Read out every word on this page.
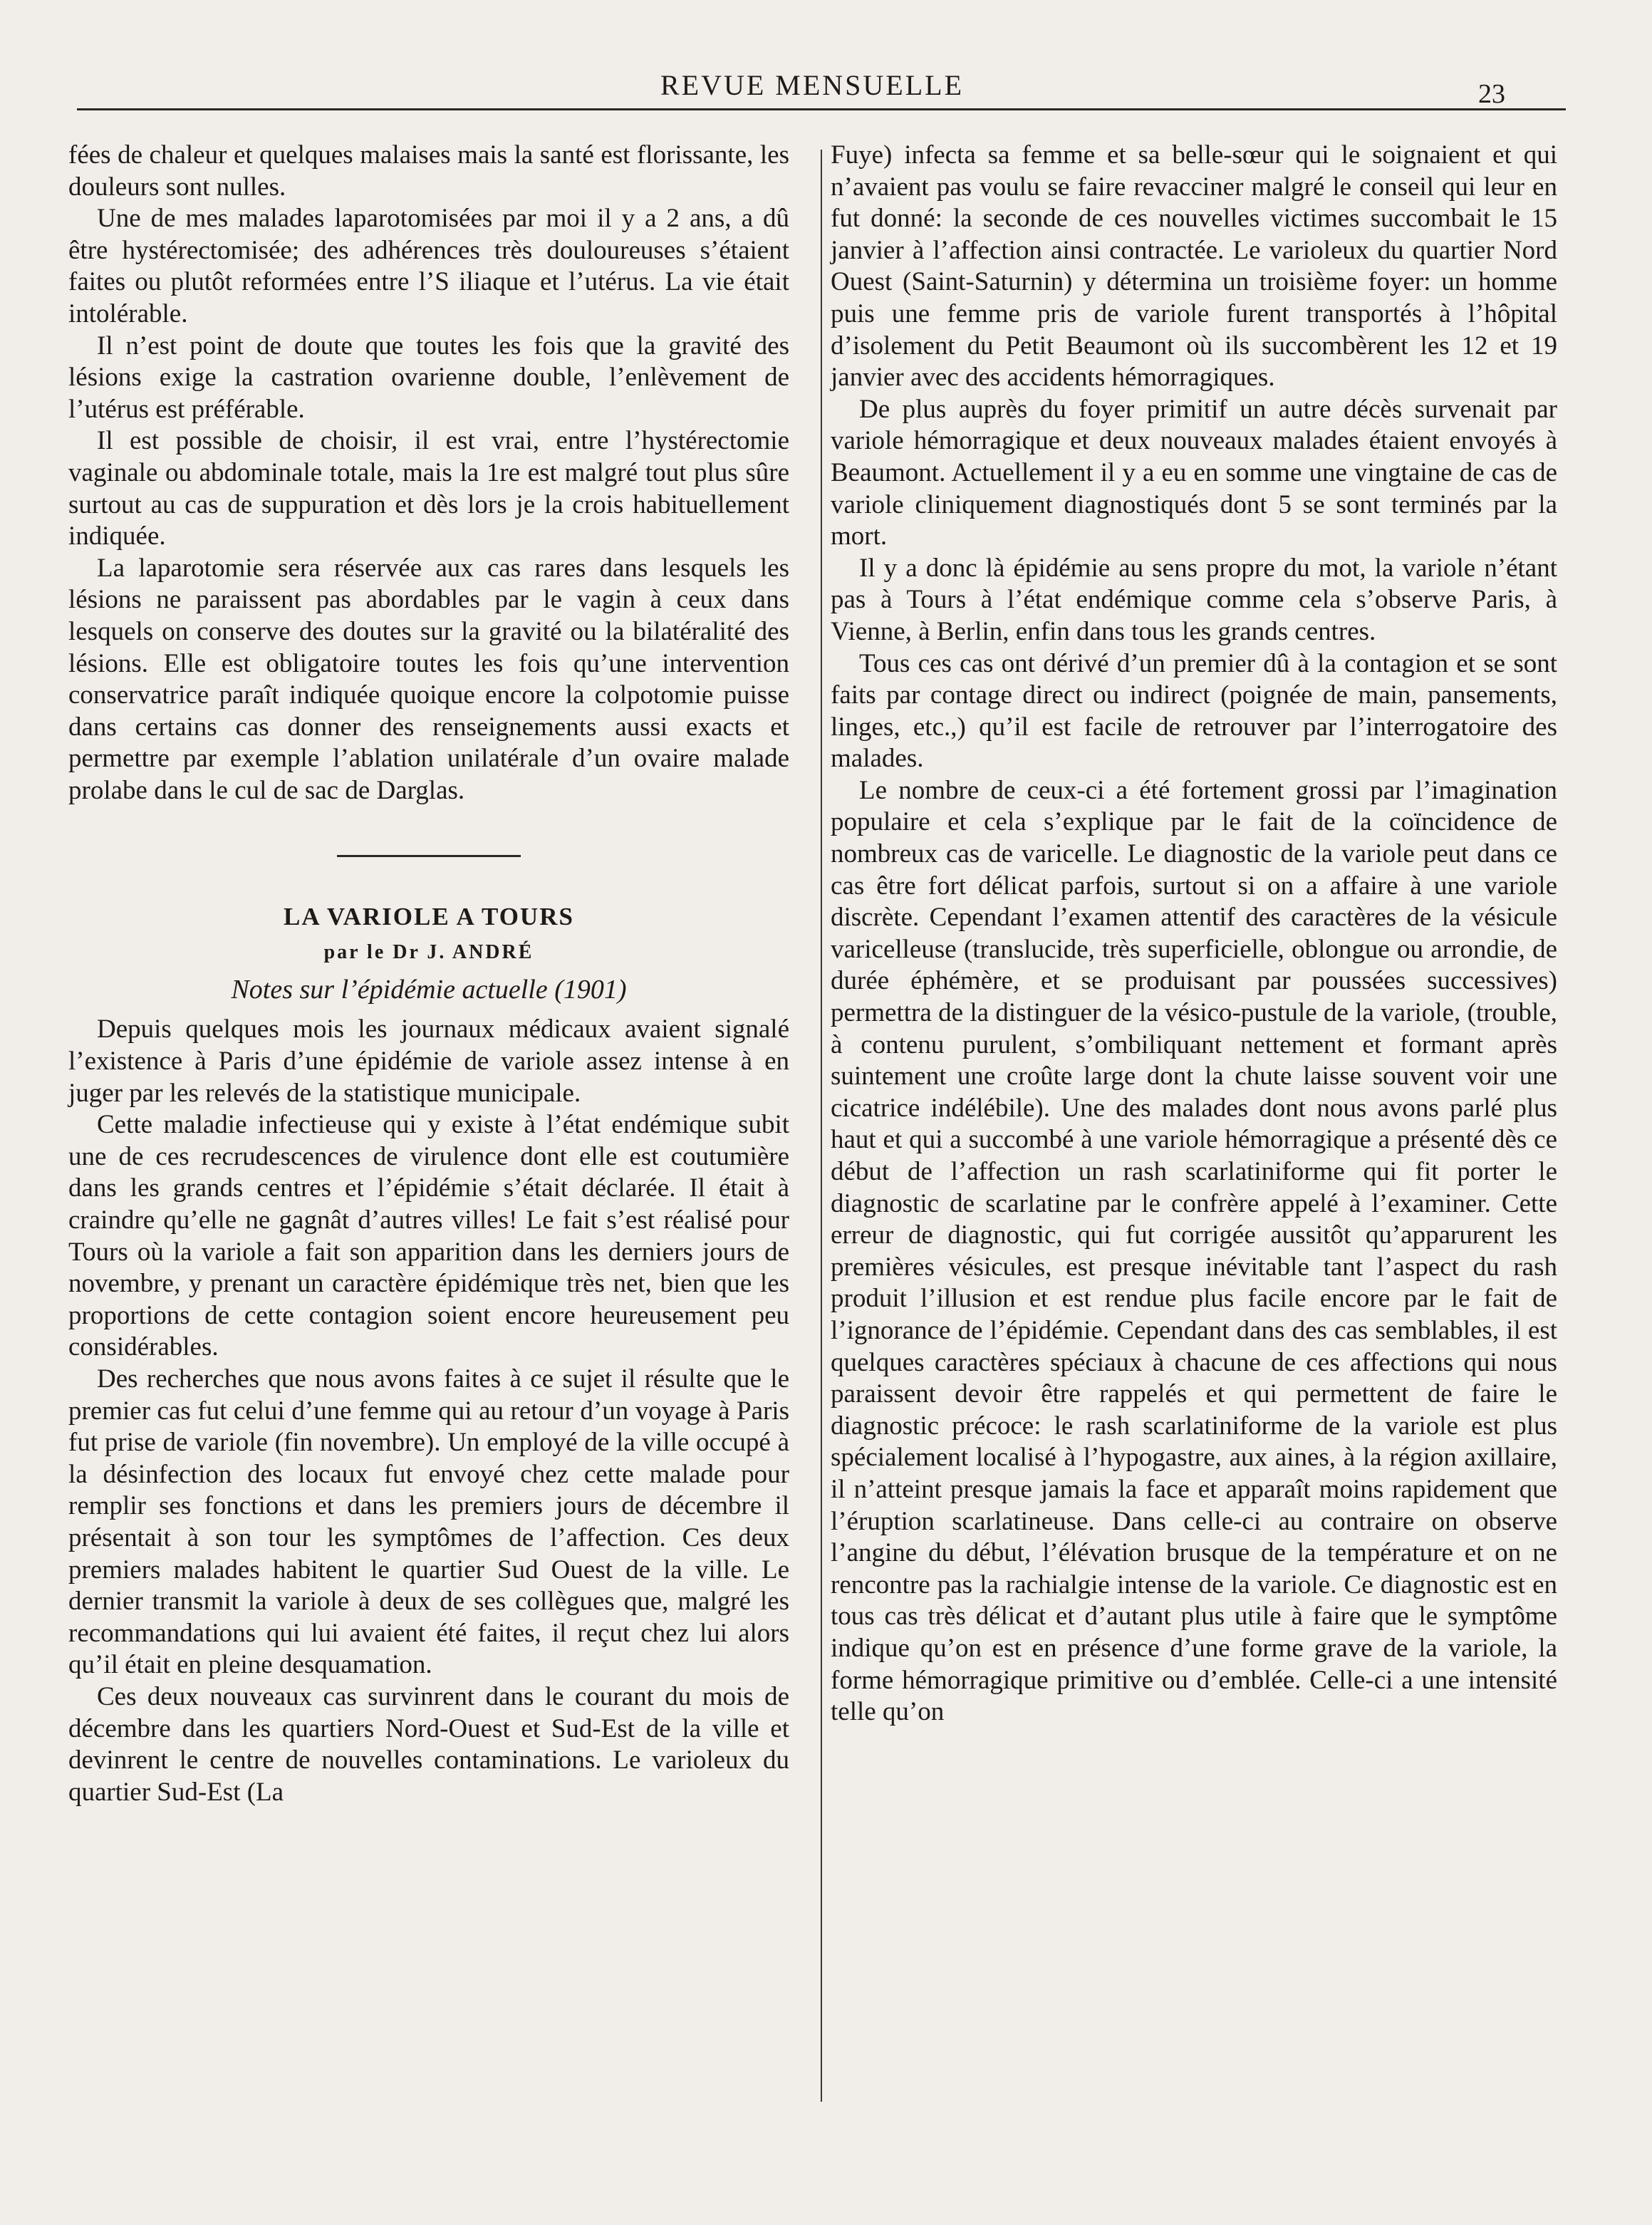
REVUE MENSUELLE	23

fées de chaleur et quelques malaises mais la santé est florissante, les douleurs sont nulles.

Une de mes malades laparotomisées par moi il y a 2 ans, a dû être hystérectomisée; des adhérences très douloureuses s’étaient faites ou plutôt reformées entre l’S iliaque et l’utérus. La vie était intolérable.

Il n’est point de doute que toutes les fois que la gravité des lésions exige la castration ovarienne double, l’enlèvement de l’utérus est préférable.

Il est possible de choisir, il est vrai, entre l’hystérectomie vaginale ou abdominale totale, mais la 1re est malgré tout plus sûre surtout au cas de suppuration et dès lors je la crois habituellement indiquée.

La laparotomie sera réservée aux cas rares dans lesquels les lésions ne paraissent pas abordables par le vagin à ceux dans lesquels on conserve des doutes sur la gravité ou la bilatéralité des lésions. Elle est obligatoire toutes les fois qu’une intervention conservatrice paraît indiquée quoique encore la colpotomie puisse dans certains cas donner des renseignements aussi exacts et permettre par exemple l’ablation unilatérale d’un ovaire malade prolabe dans le cul de sac de Darglas.

LA VARIOLE A TOURS
par le Dr J. ANDRÉ
Notes sur l’épidémie actuelle (1901)

Depuis quelques mois les journaux médicaux avaient signalé l’existence à Paris d’une épidémie de variole assez intense à en juger par les relevés de la statistique municipale.

Cette maladie infectieuse qui y existe à l’état endémique subit une de ces recrudescences de virulence dont elle est coutumière dans les grands centres et l’épidémie s’était déclarée. Il était à craindre qu’elle ne gagnât d’autres villes! Le fait s’est réalisé pour Tours où la variole a fait son apparition dans les derniers jours de novembre, y prenant un caractère épidémique très net, bien que les proportions de cette contagion soient encore heureusement peu considérables.

Des recherches que nous avons faites à ce sujet il résulte que le premier cas fut celui d’une femme qui au retour d’un voyage à Paris fut prise de variole (fin novembre). Un employé de la ville occupé à la désinfection des locaux fut envoyé chez cette malade pour remplir ses fonctions et dans les premiers jours de décembre il présentait à son tour les symptômes de l’affection. Ces deux premiers malades habitent le quartier Sud Ouest de la ville. Le dernier transmit la variole à deux de ses collègues que, malgré les recommandations qui lui avaient été faites, il reçut chez lui alors qu’il était en pleine desquamation.

Ces deux nouveaux cas survinrent dans le courant du mois de décembre dans les quartiers Nord-Ouest et Sud-Est de la ville et devinrent le centre de nouvelles contaminations. Le varioleux du quartier Sud-Est (La

Fuye) infecta sa femme et sa belle-sœur qui le soignaient et qui n’avaient pas voulu se faire revacciner malgré le conseil qui leur en fut donné: la seconde de ces nouvelles victimes succombait le 15 janvier à l’affection ainsi contractée. Le varioleux du quartier Nord Ouest (Saint-Saturnin) y détermina un troisième foyer: un homme puis une femme pris de variole furent transportés à l’hôpital d’isolement du Petit Beaumont où ils succombèrent les 12 et 19 janvier avec des accidents hémorragiques.

De plus auprès du foyer primitif un autre décès survenait par variole hémorragique et deux nouveaux malades étaient envoyés à Beaumont. Actuellement il y a eu en somme une vingtaine de cas de variole cliniquement diagnostiqués dont 5 se sont terminés par la mort.

Il y a donc là épidémie au sens propre du mot, la variole n’étant pas à Tours à l’état endémique comme cela s’observe Paris, à Vienne, à Berlin, enfin dans tous les grands centres.

Tous ces cas ont dérivé d’un premier dû à la contagion et se sont faits par contage direct ou indirect (poignée de main, pansements, linges, etc.,) qu’il est facile de retrouver par l’interrogatoire des malades.

Le nombre de ceux-ci a été fortement grossi par l’imagination populaire et cela s’explique par le fait de la coïncidence de nombreux cas de varicelle. Le diagnostic de la variole peut dans ce cas être fort délicat parfois, surtout si on a affaire à une variole discrète. Cependant l’examen attentif des caractères de la vésicule varicelleuse (translucide, très superficielle, oblongue ou arrondie, de durée éphémère, et se produisant par poussées successives) permettra de la distinguer de la vésico-pustule de la variole, (trouble, à contenu purulent, s’ombiliquant nettement et formant après suintement une croûte large dont la chute laisse souvent voir une cicatrice indélébile). Une des malades dont nous avons parlé plus haut et qui a succombé à une variole hémorragique a présenté dès ce début de l’affection un rash scarlatiniforme qui fit porter le diagnostic de scarlatine par le confrère appelé à l’examiner. Cette erreur de diagnostic, qui fut corrigée aussitôt qu’apparurent les premières vésicules, est presque inévitable tant l’aspect du rash produit l’illusion et est rendue plus facile encore par le fait de l’ignorance de l’épidémie. Cependant dans des cas semblables, il est quelques caractères spéciaux à chacune de ces affections qui nous paraissent devoir être rappelés et qui permettent de faire le diagnostic précoce: le rash scarlatiniforme de la variole est plus spécialement localisé à l’hypogastre, aux aines, à la région axillaire, il n’atteint presque jamais la face et apparaît moins rapidement que l’éruption scarlatineuse. Dans celle-ci au contraire on observe l’angine du début, l’élévation brusque de la température et on ne rencontre pas la rachialgie intense de la variole. Ce diagnostic est en tous cas très délicat et d’autant plus utile à faire que le symptôme indique qu’on est en présence d’une forme grave de la variole, la forme hémorragique primitive ou d’emblée. Celle-ci a une intensité telle qu’on
